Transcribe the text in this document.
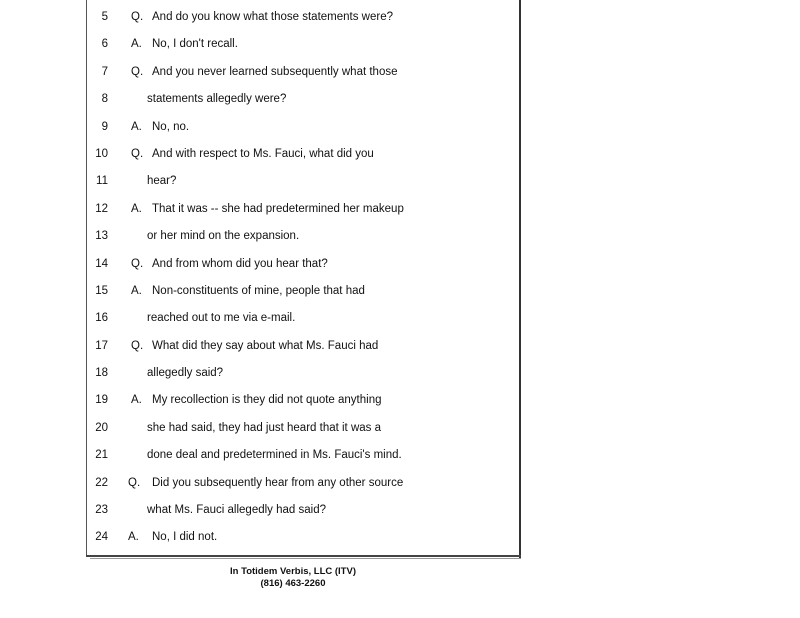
5 Q. And do you know what those statements were?
6 A. No, I don't recall.
7 Q. And you never learned subsequently what those
8	statements allegedly were?
9 A. No, no.
10 Q. And with respect to Ms. Fauci, what did you
11	hear?
12 A. That it was -- she had predetermined her makeup
13	or her mind on the expansion.
14 Q. And from whom did you hear that?
15 A. Non-constituents of mine, people that had
16	reached out to me via e-mail.
17 Q. What did they say about what Ms. Fauci had
18	allegedly said?
19 A. My recollection is they did not quote anything
20	she had said, they had just heard that it was a
21	done deal and predetermined in Ms. Fauci's mind.
22 Q. Did you subsequently hear from any other source
23	what Ms. Fauci allegedly had said?
24 A. No, I did not.
In Totidem Verbis, LLC (ITV)
(816) 463-2260
